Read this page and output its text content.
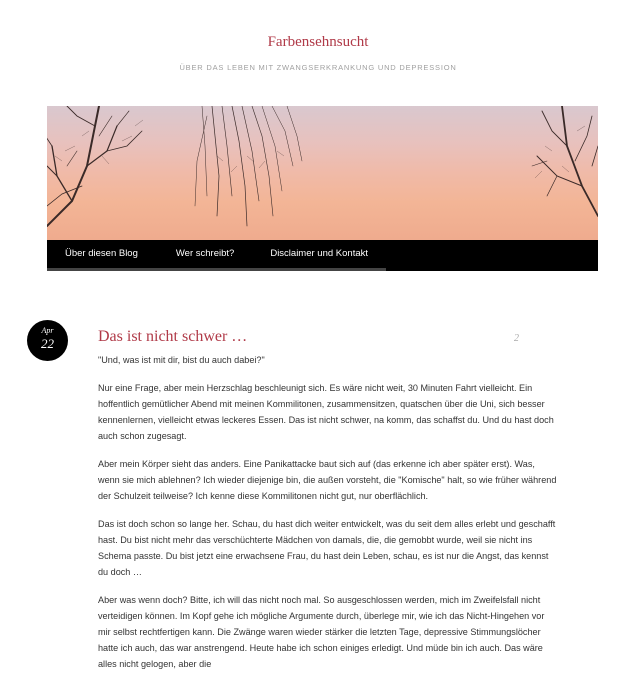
Farbensehnsucht
ÜBER DAS LEBEN MIT ZWANGSERKRANKUNG UND DEPRESSION
Über diesen Blog	Wer schreibt?	Disclaimer und Kontakt
Apr
22	Das ist nicht schwer …	2

"Und, was ist mit dir, bist du auch dabei?"

Nur eine Frage, aber mein Herzschlag beschleunigt sich. Es wäre nicht weit, 30 Minuten Fahrt vielleicht. Ein hoffentlich gemütlicher Abend mit meinen Kommilitonen, zusammensitzen, quatschen über die Uni, sich besser kennenlernen, vielleicht etwas leckeres Essen. Das ist nicht schwer, na komm, das schaffst du. Und du hast doch auch schon zugesagt.

Aber mein Körper sieht das anders. Eine Panikattacke baut sich auf (das erkenne ich aber später erst). Was, wenn sie mich ablehnen? Ich wieder diejenige bin, die außen vorsteht, die "Komische" halt, so wie früher während der Schulzeit teilweise? Ich kenne diese Kommilitonen nicht gut, nur oberflächlich.

Das ist doch schon so lange her. Schau, du hast dich weiter entwickelt, was du seit dem alles erlebt und geschafft hast. Du bist nicht mehr das verschüchterte Mädchen von damals, die, die gemobbt wurde, weil sie nicht ins Schema passte. Du bist jetzt eine erwachsene Frau, du hast dein Leben, schau, es ist nur die Angst, das kennst du doch …

Aber was wenn doch? Bitte, ich will das nicht noch mal. So ausgeschlossen werden, mich im Zweifelsfall nicht verteidigen können. Im Kopf gehe ich mögliche Argumente durch, überlege mir, wie ich das Nicht-Hingehen vor mir selbst rechtfertigen kann. Die Zwänge waren wieder stärker die letzten Tage, depressive Stimmungslöcher hatte ich auch, das war anstrengend. Heute habe ich schon einiges erledigt. Und müde bin ich auch. Das wäre alles nicht gelogen, aber die
